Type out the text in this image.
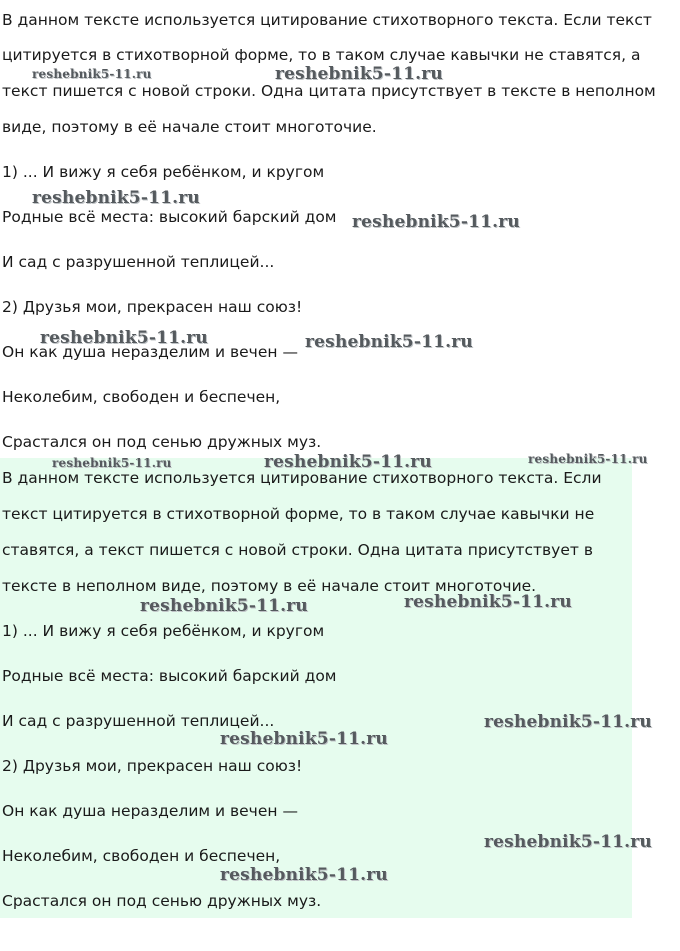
В данном тексте используется цитирование стихотворного текста. Если текст
цитируется в стихотворной форме, то в таком случае кавычки не ставятся, а
текст пишется с новой строки. Одна цитата присутствует в тексте в неполном
виде, поэтому в её начале стоит многоточие.
1) ... И вижу я себя ребёнком, и кругом
Родные всё места: высокий барский дом
И сад с разрушенной теплицей...
2) Друзья мои, прекрасен наш союз!
Он как душа неразделим и вечен —
Неколебим, свободен и беспечен,
Срастался он под сенью дружных муз.
В данном тексте используется цитирование стихотворного текста. Если
текст цитируется в стихотворной форме, то в таком случае кавычки не
ставятся, а текст пишется с новой строки. Одна цитата присутствует в
тексте в неполном виде, поэтому в её начале стоит многоточие.
1) ... И вижу я себя ребёнком, и кругом
Родные всё места: высокий барский дом
И сад с разрушенной теплицей...
2) Друзья мои, прекрасен наш союз!
Он как душа неразделим и вечен —
Неколебим, свободен и беспечен,
Срастался он под сенью дружных муз.
reshebnik5-11.ru	reshebnik5-11.ru
reshebnik5-11.ru
reshebnik5-11.ru
reshebnik5-11.ru	reshebnik5-11.ru
reshebnik5-11.ru	reshebnik5-11.ru	reshebnik5-11.ru
reshebnik5-11.ru	reshebnik5-11.ru
reshebnik5-11.ru
reshebnik5-11.ru
reshebnik5-11.ru
reshebnik5-11.ru
